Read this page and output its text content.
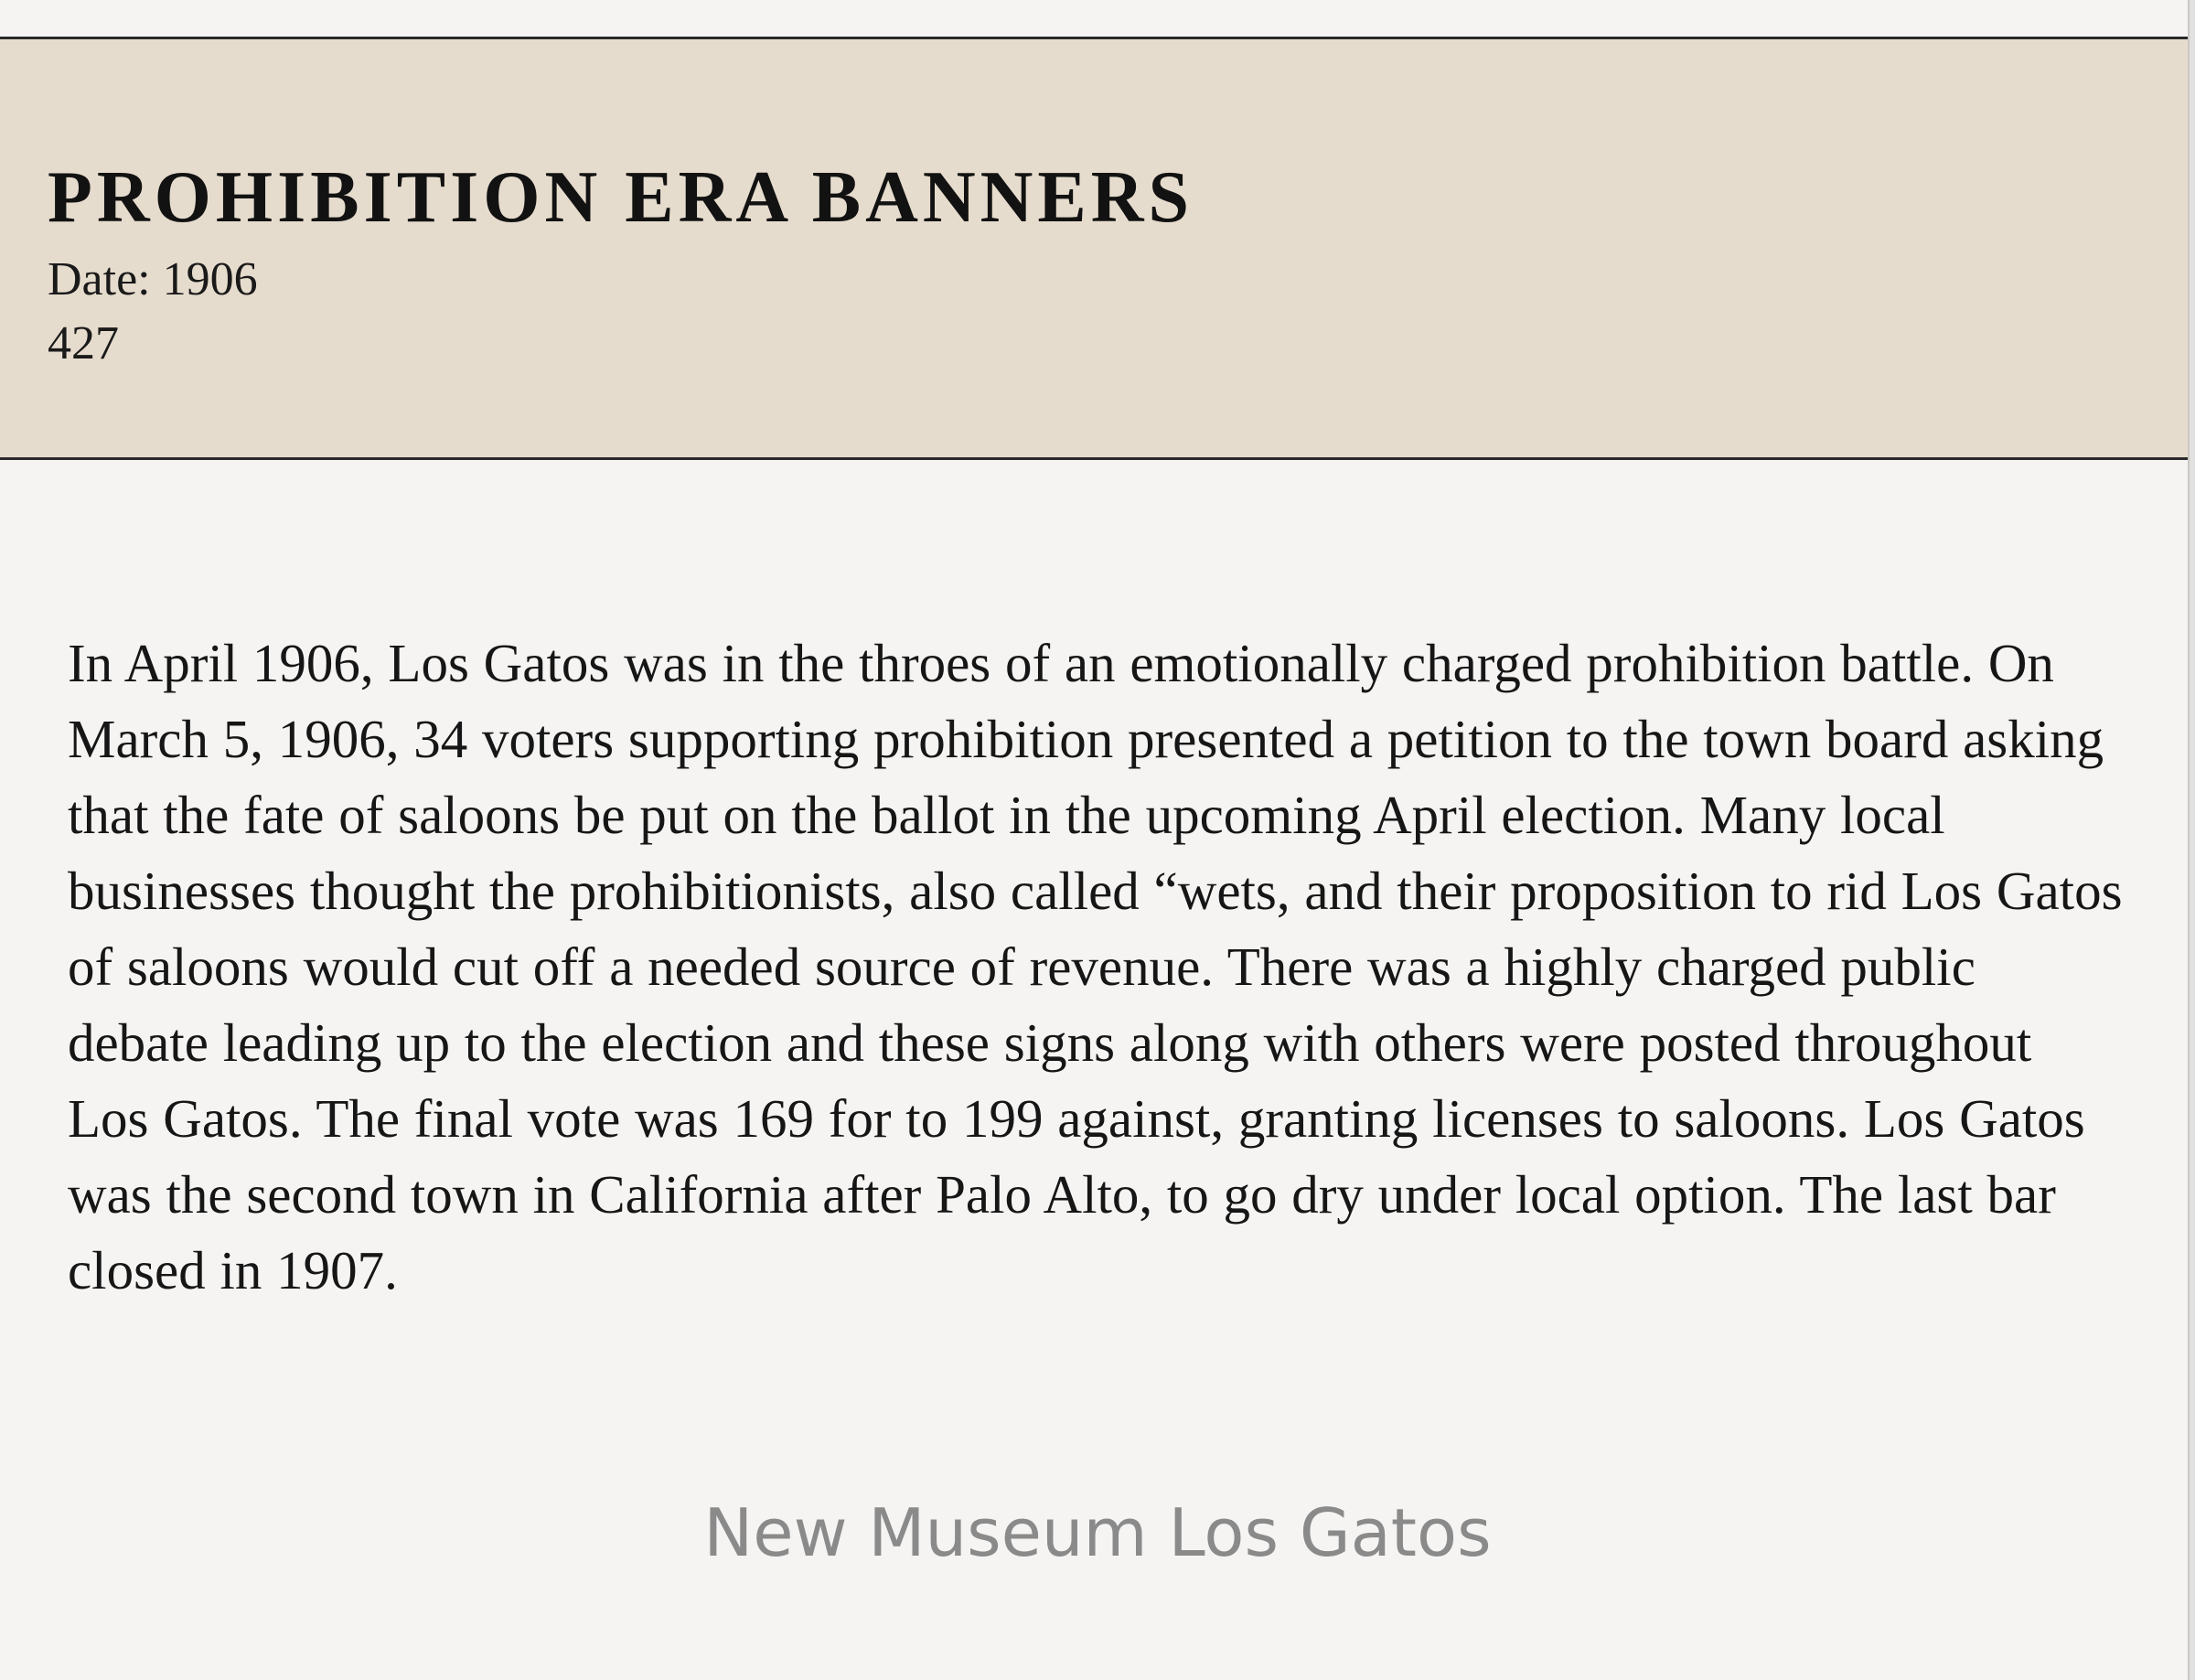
PROHIBITION ERA BANNERS
Date: 1906
427

In April 1906, Los Gatos was in the throes of an emotionally charged prohibition battle. On March 5, 1906, 34 voters supporting prohibition presented a petition to the town board asking that the fate of saloons be put on the ballot in the upcoming April election. Many local businesses thought the prohibitionists, also called “wets, and their proposition to rid Los Gatos of saloons would cut off a needed source of revenue. There was a highly charged public debate leading up to the election and these signs along with others were posted throughout Los Gatos. The final vote was 169 for to 199 against, granting licenses to saloons. Los Gatos was the second town in California after Palo Alto, to go dry under local option. The last bar closed in 1907.

New Museum Los Gatos
